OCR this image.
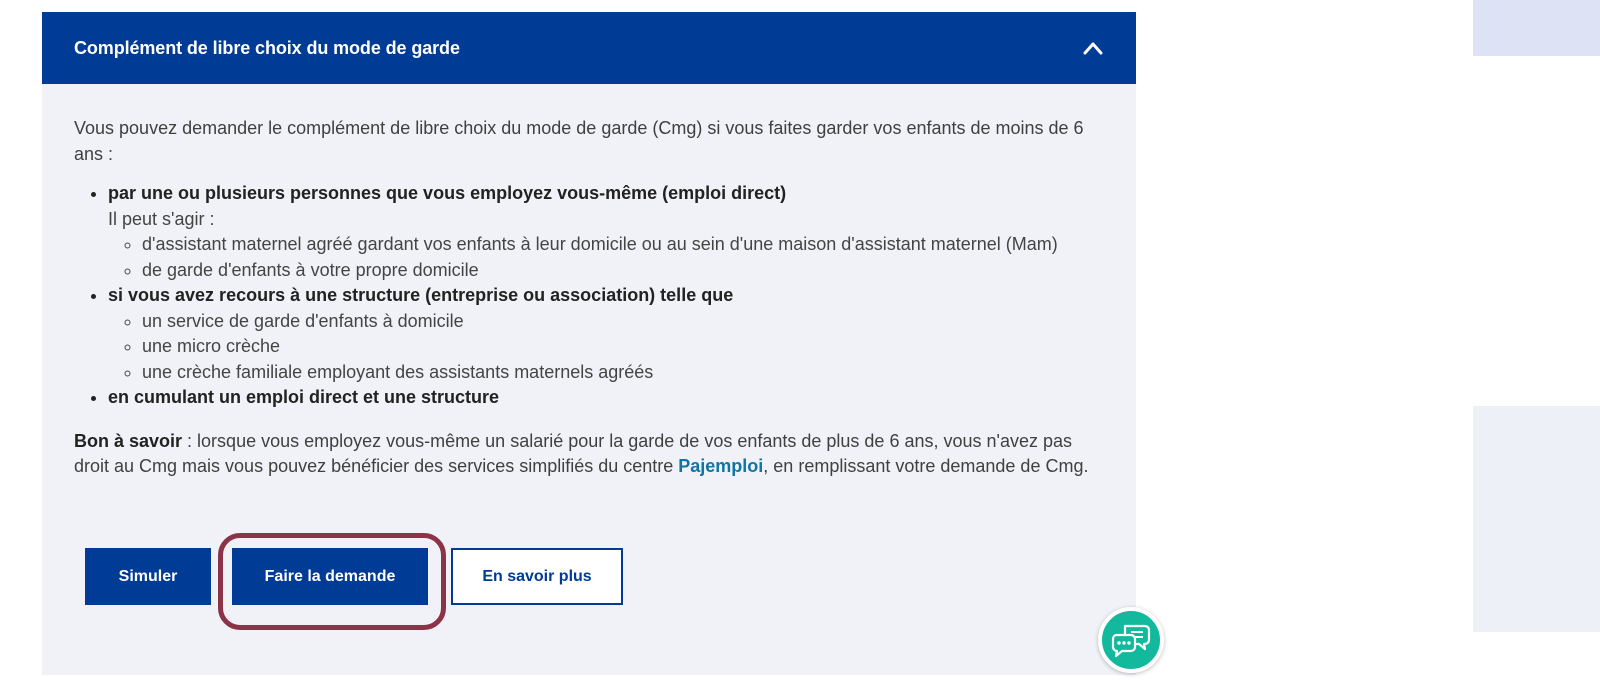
Complément de libre choix du mode de garde

Vous pouvez demander le complément de libre choix du mode de garde (Cmg) si vous faites garder vos enfants de moins de 6 ans :

• par une ou plusieurs personnes que vous employez vous-même (emploi direct)
Il peut s'agir :
◦ d'assistant maternel agréé gardant vos enfants à leur domicile ou au sein d'une maison d'assistant maternel (Mam)
◦ de garde d'enfants à votre propre domicile
• si vous avez recours à une structure (entreprise ou association) telle que
◦ un service de garde d'enfants à domicile
◦ une micro crèche
◦ une crèche familiale employant des assistants maternels agréés
• en cumulant un emploi direct et une structure

Bon à savoir : lorsque vous employez vous-même un salarié pour la garde de vos enfants de plus de 6 ans, vous n'avez pas droit au Cmg mais vous pouvez bénéficier des services simplifiés du centre Pajemploi, en remplissant votre demande de Cmg.

Simuler	Faire la demande	En savoir plus
